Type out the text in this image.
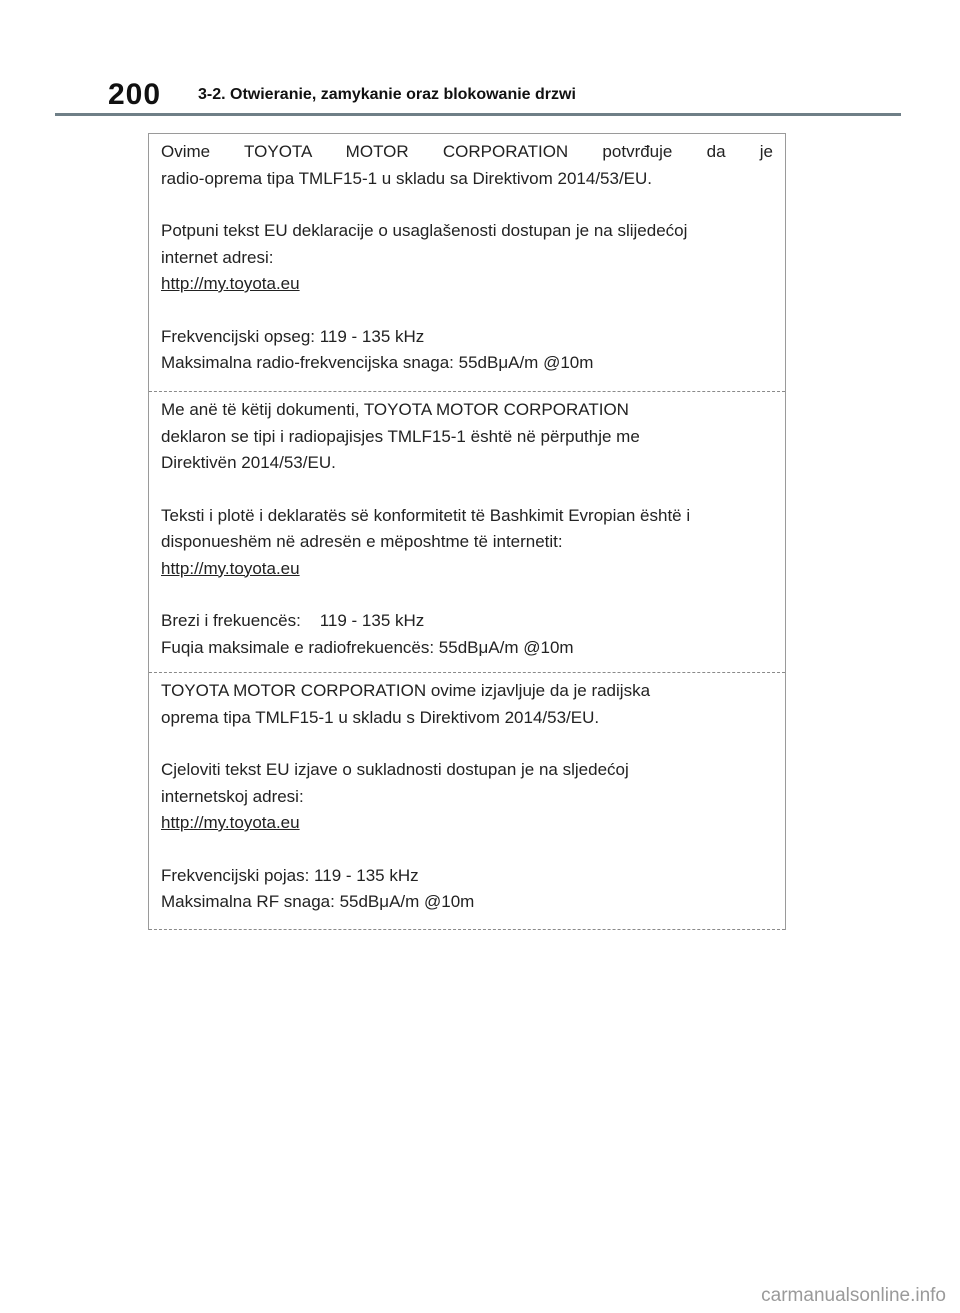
200	3-2. Otwieranie, zamykanie oraz blokowanie drzwi

Ovime TOYOTA MOTOR CORPORATION potvrđuje da je

radio-oprema tipa TMLF15-1 u skladu sa Direktivom 2014/53/EU.

Potpuni tekst EU deklaracije o usaglašenosti dostupan je na slijedećoj

internet adresi:

http://my.toyota.eu

Frekvencijski opseg: 119 - 135 kHz

Maksimalna radio-frekvencijska snaga: 55dBμA/m @10m

Me anë të këtij dokumenti, TOYOTA MOTOR CORPORATION

deklaron se tipi i radiopajisjes TMLF15-1 është në përputhje me

Direktivën 2014/53/EU.

Teksti i plotë i deklaratës së konformitetit të Bashkimit Evropian është i

disponueshëm në adresën e mëposhtme të internetit:

http://my.toyota.eu

Brezi i frekuencës:    119 - 135 kHz

Fuqia maksimale e radiofrekuencës: 55dBμA/m @10m

TOYOTA MOTOR CORPORATION ovime izjavljuje da je radijska

oprema tipa TMLF15-1 u skladu s Direktivom 2014/53/EU.

Cjeloviti tekst EU izjave o sukladnosti dostupan je na sljedećoj

internetskoj adresi:

http://my.toyota.eu

Frekvencijski pojas: 119 - 135 kHz

Maksimalna RF snaga: 55dBμA/m @10m

carmanualsonline.info
